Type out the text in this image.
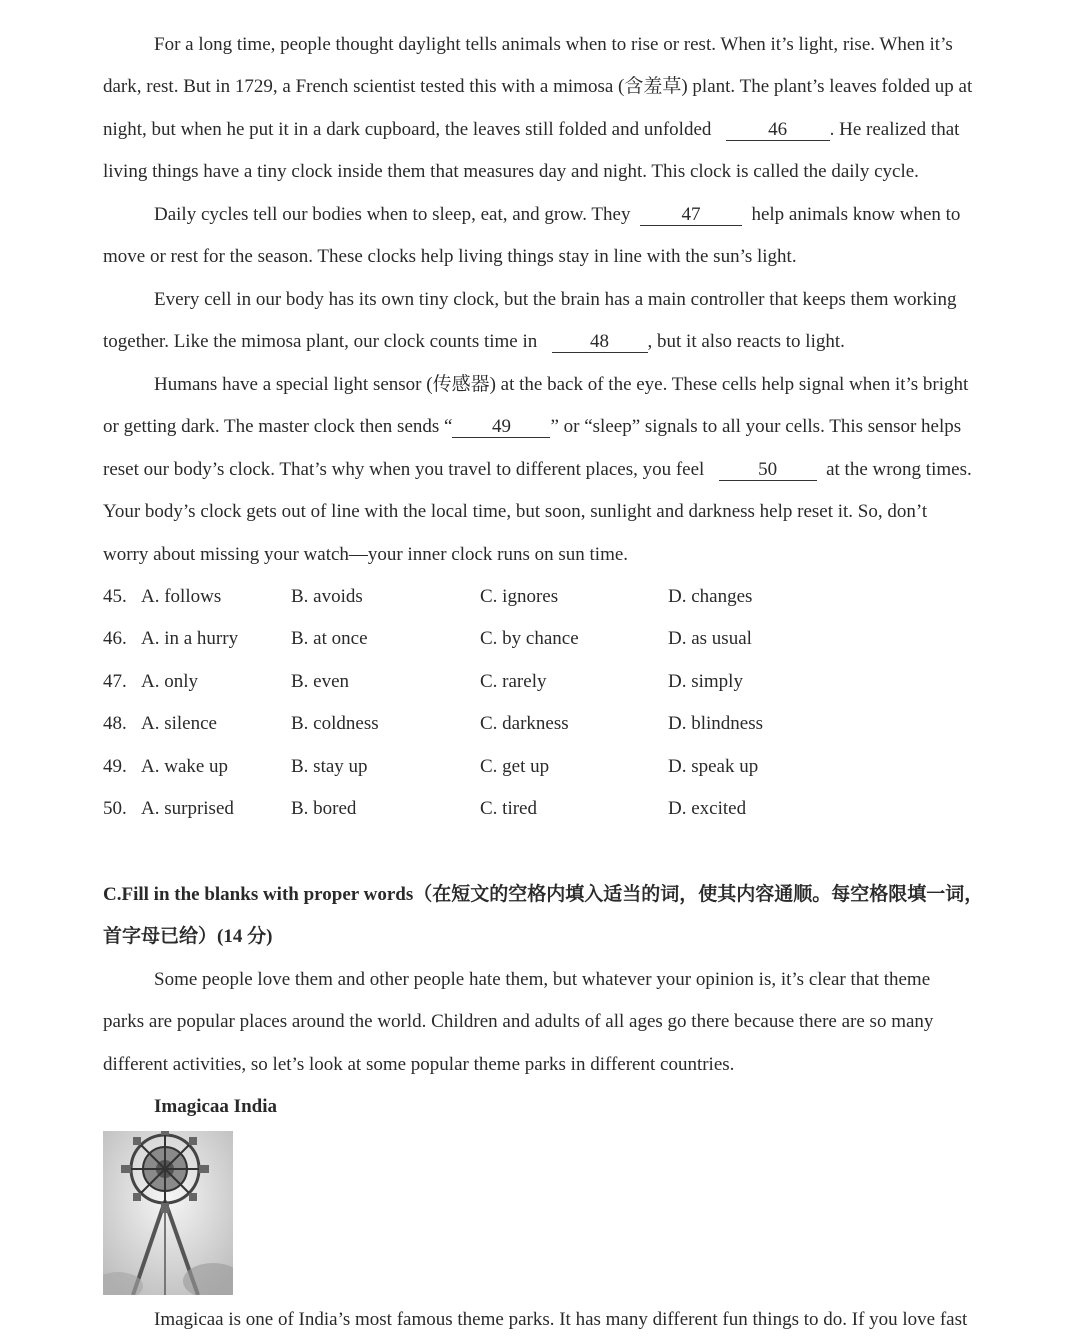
For a long time, people thought daylight tells animals when to rise or rest. When it’s light, rise. When it’s
dark, rest. But in 1729, a French scientist tested this with a mimosa (含羞草) plant. The plant’s leaves folded up at
night, but when he put it in a dark cupboard, the leaves still folded and unfolded	46 . He realized that
living things have a tiny clock inside them that measures day and night. This clock is called the daily cycle.
Daily cycles tell our bodies when to sleep, eat, and grow. They	47	help animals know when to
move or rest for the season. These clocks help living things stay in line with the sun’s light.
Every cell in our body has its own tiny clock, but the brain has a main controller that keeps them working
together. Like the mimosa plant, our clock counts time in	48 , but it also reacts to light.
Humans have a special light sensor (传感器) at the back of the eye. These cells help signal when it’s bright
or getting dark. The master clock then sends “ 49 ” or “sleep” signals to all your cells. This sensor helps
reset our body’s clock. That’s why when you travel to different places, you feel	50	at the wrong times.
Your body’s clock gets out of line with the local time, but soon, sunlight and darkness help reset it. So, don’t
worry about missing your watch—your inner clock runs on sun time.
45. A. follows	B. avoids	C. ignores	D. changes
46. A. in a hurry	B. at once	C. by chance	D. as usual
47. A. only	B. even	C. rarely	D. simply
48. A. silence	B. coldness	C. darkness	D. blindness
49. A. wake up	B. stay up	C. get up	D. speak up
50. A. surprised	B. bored	C. tired	D. excited
C.Fill in the blanks with proper words（在短文的空格内填入适当的词，使其内容通顺。每空格限填一词，
首字母已给）(14 分)
Some people love them and other people hate them, but whatever your opinion is, it’s clear that theme
parks are popular places around the world. Children and adults of all ages go there because there are so many
different activities, so let’s look at some popular theme parks in different countries.
Imagicaa India
Imagicaa is one of India’s most famous theme parks. It has many different fun things to do. If you love fast
